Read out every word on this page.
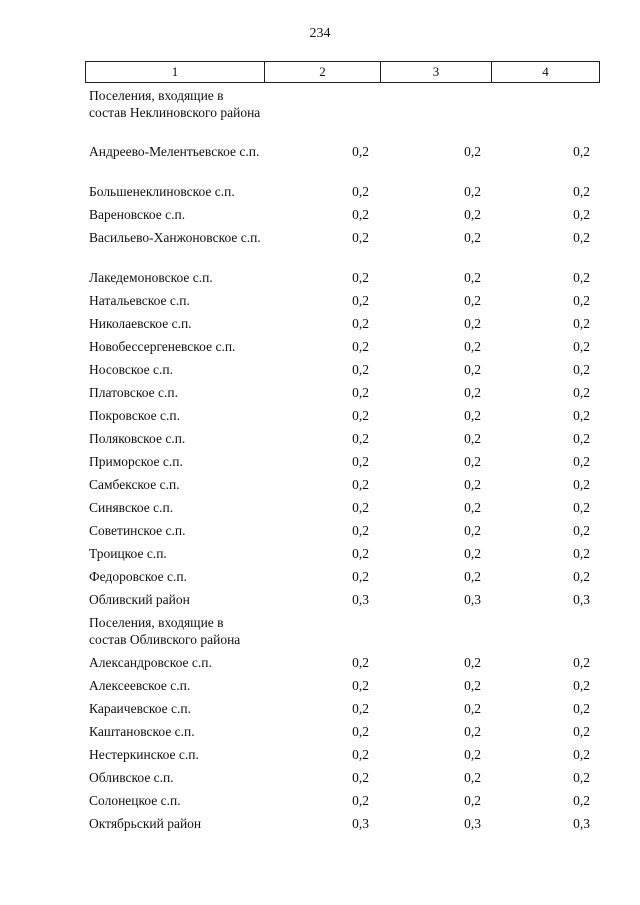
234
1	2	3	4
Поселения, входящие в состав Неклиновского района
Андреево-Мелентьевское с.п.	0,2	0,2	0,2
Большенеклиновское с.п.	0,2	0,2	0,2
Вареновское с.п.	0,2	0,2	0,2
Васильево-Ханжоновское с.п.	0,2	0,2	0,2
Лакедемоновское с.п.	0,2	0,2	0,2
Натальевское с.п.	0,2	0,2	0,2
Николаевское с.п.	0,2	0,2	0,2
Новобессергеневское с.п.	0,2	0,2	0,2
Носовское с.п.	0,2	0,2	0,2
Платовское с.п.	0,2	0,2	0,2
Покровское с.п.	0,2	0,2	0,2
Поляковское с.п.	0,2	0,2	0,2
Приморское с.п.	0,2	0,2	0,2
Самбекское с.п.	0,2	0,2	0,2
Синявское с.п.	0,2	0,2	0,2
Советинское с.п.	0,2	0,2	0,2
Троицкое с.п.	0,2	0,2	0,2
Федоровское с.п.	0,2	0,2	0,2
Обливский район	0,3	0,3	0,3
Поселения, входящие в состав Обливского района
Александровское с.п.	0,2	0,2	0,2
Алексеевское с.п.	0,2	0,2	0,2
Караичевское с.п.	0,2	0,2	0,2
Каштановское с.п.	0,2	0,2	0,2
Нестеркинское с.п.	0,2	0,2	0,2
Обливское с.п.	0,2	0,2	0,2
Солонецкое с.п.	0,2	0,2	0,2
Октябрьский район	0,3	0,3	0,3
